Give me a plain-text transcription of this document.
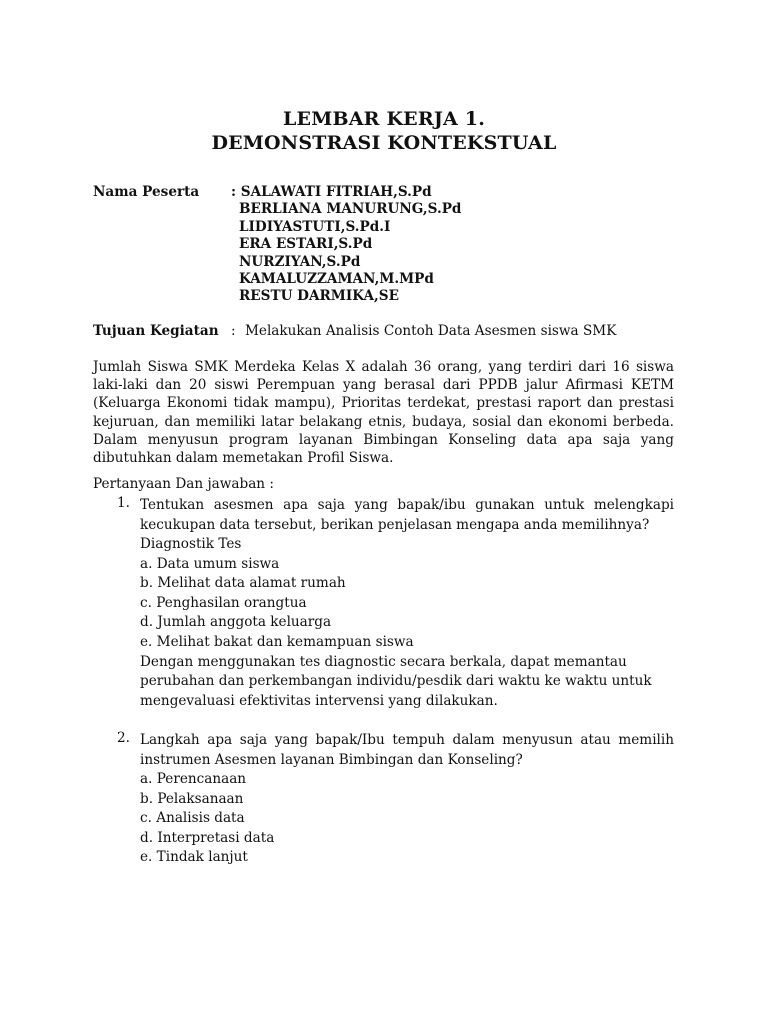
LEMBAR KERJA 1.
DEMONSTRASI KONTEKSTUAL
Nama Peserta : SALAWATI FITRIAH,S.Pd
BERLIANA MANURUNG,S.Pd
LIDIYASTUTI,S.Pd.I
ERA ESTARI,S.Pd
NURZIYAN,S.Pd
KAMALUZZAMAN,M.MPd
RESTU DARMIKA,SE
Tujuan Kegiatan : Melakukan Analisis Contoh Data Asesmen siswa SMK
Jumlah Siswa SMK Merdeka Kelas X adalah 36 orang, yang terdiri dari 16 siswa laki-laki dan 20 siswi Perempuan yang berasal dari PPDB jalur Afirmasi KETM (Keluarga Ekonomi tidak mampu), Prioritas terdekat, prestasi raport dan prestasi kejuruan, dan memiliki latar belakang etnis, budaya, sosial dan ekonomi berbeda. Dalam menyusun program layanan Bimbingan Konseling data apa saja yang dibutuhkan dalam memetakan Profil Siswa.
Pertanyaan Dan jawaban :
1. Tentukan asesmen apa saja yang bapak/ibu gunakan untuk melengkapi kecukupan data tersebut, berikan penjelasan mengapa anda memilihnya?
Diagnostik Tes
a. Data umum siswa
b. Melihat data alamat rumah
c. Penghasilan orangtua
d. Jumlah anggota keluarga
e. Melihat bakat dan kemampuan siswa
Dengan menggunakan tes diagnostic secara berkala, dapat memantau perubahan dan perkembangan individu/pesdik dari waktu ke waktu untuk mengevaluasi efektivitas intervensi yang dilakukan.
2. Langkah apa saja yang bapak/Ibu tempuh dalam menyusun atau memilih instrumen Asesmen layanan Bimbingan dan Konseling?
a. Perencanaan
b. Pelaksanaan
c. Analisis data
d. Interpretasi data
e. Tindak lanjut
